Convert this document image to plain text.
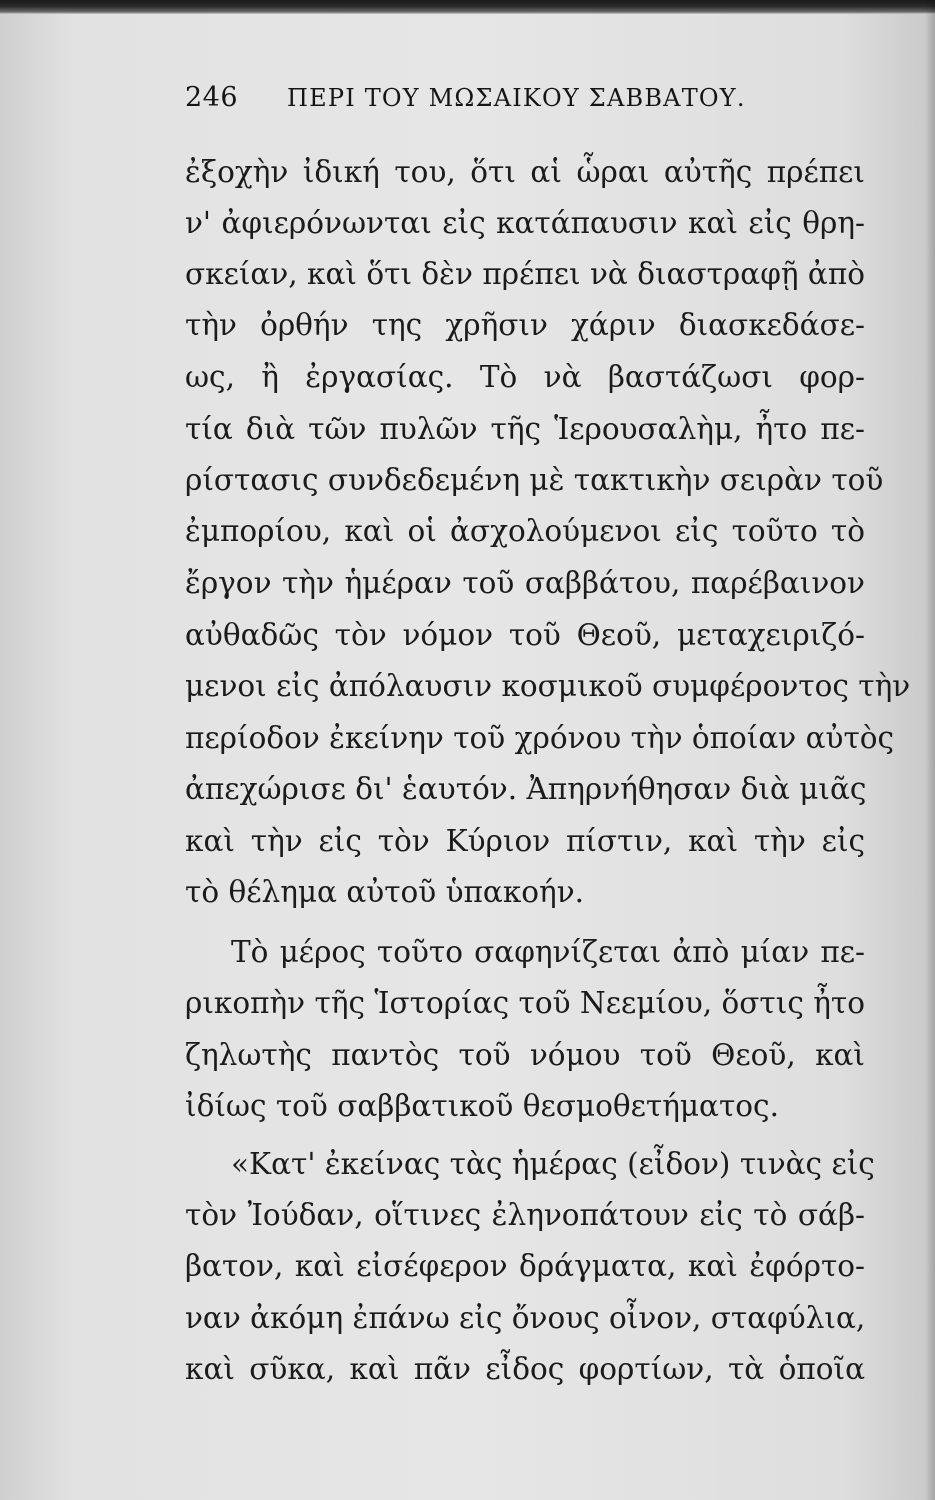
246 ΠΕΡΙ ΤΟΥ ΜΩΣΑΙΚΟΥ ΣΑΒΒΑΤΟΥ.
ἐξοχὴν ἰδική του, ὅτι αἱ ὧραι αὐτῆς πρέπει
ν' ἀφιερόνωνται εἰς κατάπαυσιν καὶ εἰς θρη-
σκείαν, καὶ ὅτι δὲν πρέπει νὰ διαστραφῇ ἀπὸ
τὴν ὀρθήν της χρῆσιν χάριν διασκεδάσε-
ως, ἢ ἐργασίας. Τὸ νὰ βαστάζωσι φορ-
τία διὰ τῶν πυλῶν τῆς Ἱερουσαλὴμ, ἦτο πε-
ρίστασις συνδεδεμένη μὲ τακτικὴν σειρὰν τοῦ
ἐμπορίου, καὶ οἱ ἀσχολούμενοι εἰς τοῦτο τὸ
ἔργον τὴν ἡμέραν τοῦ σαββάτου, παρέβαινον
αὐθαδῶς τὸν νόμον τοῦ Θεοῦ, μεταχειριζό-
μενοι εἰς ἀπόλαυσιν κοσμικοῦ συμφέροντος τὴν
περίοδον ἐκείνην τοῦ χρόνου τὴν ὁποίαν αὐτὸς
ἀπεχώρισε δι' ἑαυτόν. Ἀπηρνήθησαν διὰ μιᾶς
καὶ τὴν εἰς τὸν Κύριον πίστιν, καὶ τὴν εἰς
τὸ θέλημα αὐτοῦ ὑπακοήν.
Τὸ μέρος τοῦτο σαφηνίζεται ἀπὸ μίαν πε-
ρικοπὴν τῆς Ἱστορίας τοῦ Νεεμίου, ὅστις ἦτο
ζηλωτὴς παντὸς τοῦ νόμου τοῦ Θεοῦ, καὶ
ἰδίως τοῦ σαββατικοῦ θεσμοθετήματος.
«Κατ' ἐκείνας τὰς ἡμέρας (εἶδον) τινὰς εἰς
τὸν Ἰούδαν, οἵτινες ἐληνοπάτουν εἰς τὸ σάβ-
βατον, καὶ εἰσέφερον δράγματα, καὶ ἐφόρτο-
ναν ἀκόμη ἐπάνω εἰς ὄνους οἶνον, σταφύλια,
καὶ σῦκα, καὶ πᾶν εἶδος φορτίων, τὰ ὁποῖα
